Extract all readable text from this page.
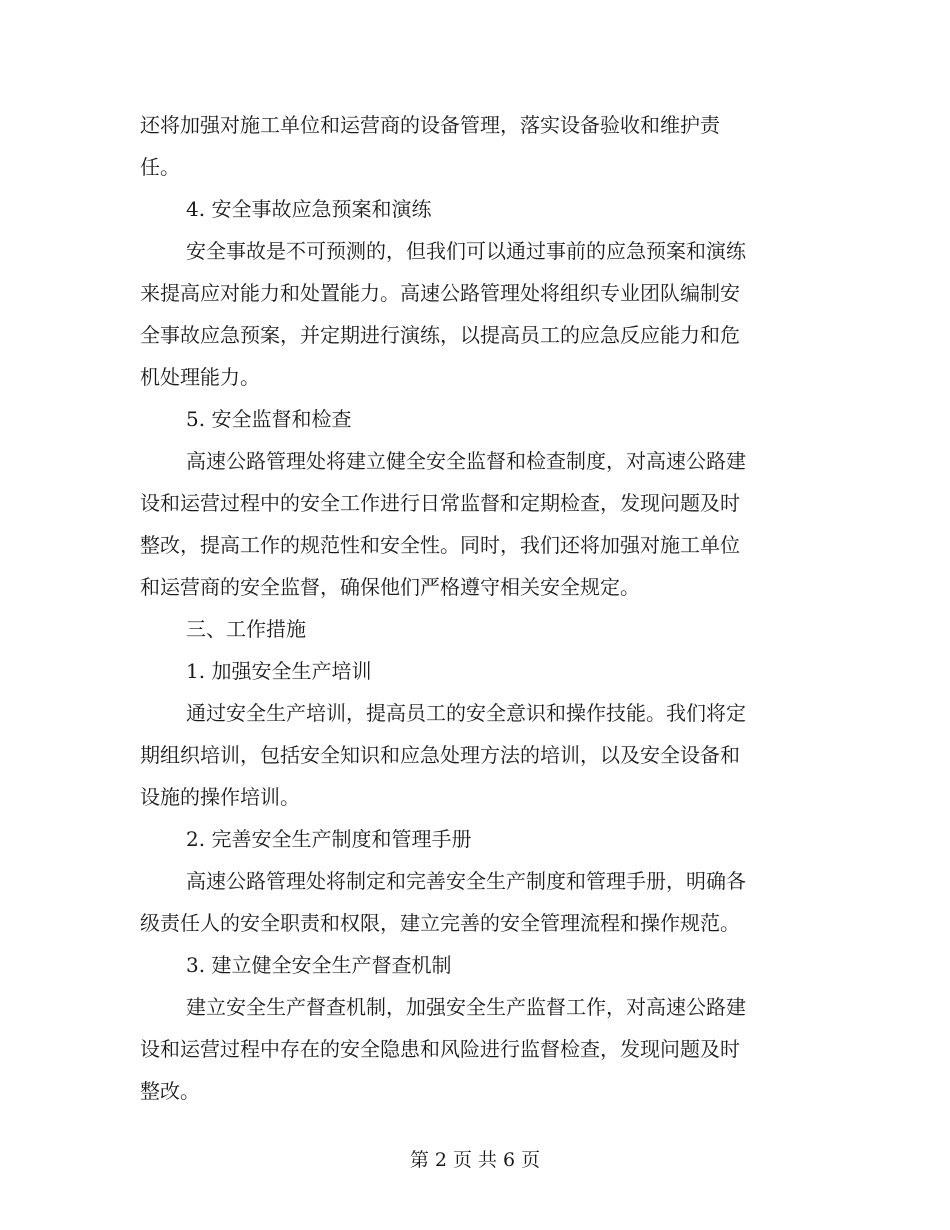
还将加强对施工单位和运营商的设备管理，落实设备验收和维护责

任。

4. 安全事故应急预案和演练

安全事故是不可预测的，但我们可以通过事前的应急预案和演练

来提高应对能力和处置能力。高速公路管理处将组织专业团队编制安

全事故应急预案，并定期进行演练，以提高员工的应急反应能力和危

机处理能力。

5. 安全监督和检查

高速公路管理处将建立健全安全监督和检查制度，对高速公路建

设和运营过程中的安全工作进行日常监督和定期检查，发现问题及时

整改，提高工作的规范性和安全性。同时，我们还将加强对施工单位

和运营商的安全监督，确保他们严格遵守相关安全规定。

三、工作措施

1. 加强安全生产培训

通过安全生产培训，提高员工的安全意识和操作技能。我们将定

期组织培训，包括安全知识和应急处理方法的培训，以及安全设备和

设施的操作培训。

2. 完善安全生产制度和管理手册

高速公路管理处将制定和完善安全生产制度和管理手册，明确各

级责任人的安全职责和权限，建立完善的安全管理流程和操作规范。

3. 建立健全安全生产督查机制

建立安全生产督查机制，加强安全生产监督工作，对高速公路建

设和运营过程中存在的安全隐患和风险进行监督检查，发现问题及时

整改。

第 2 页 共 6 页
